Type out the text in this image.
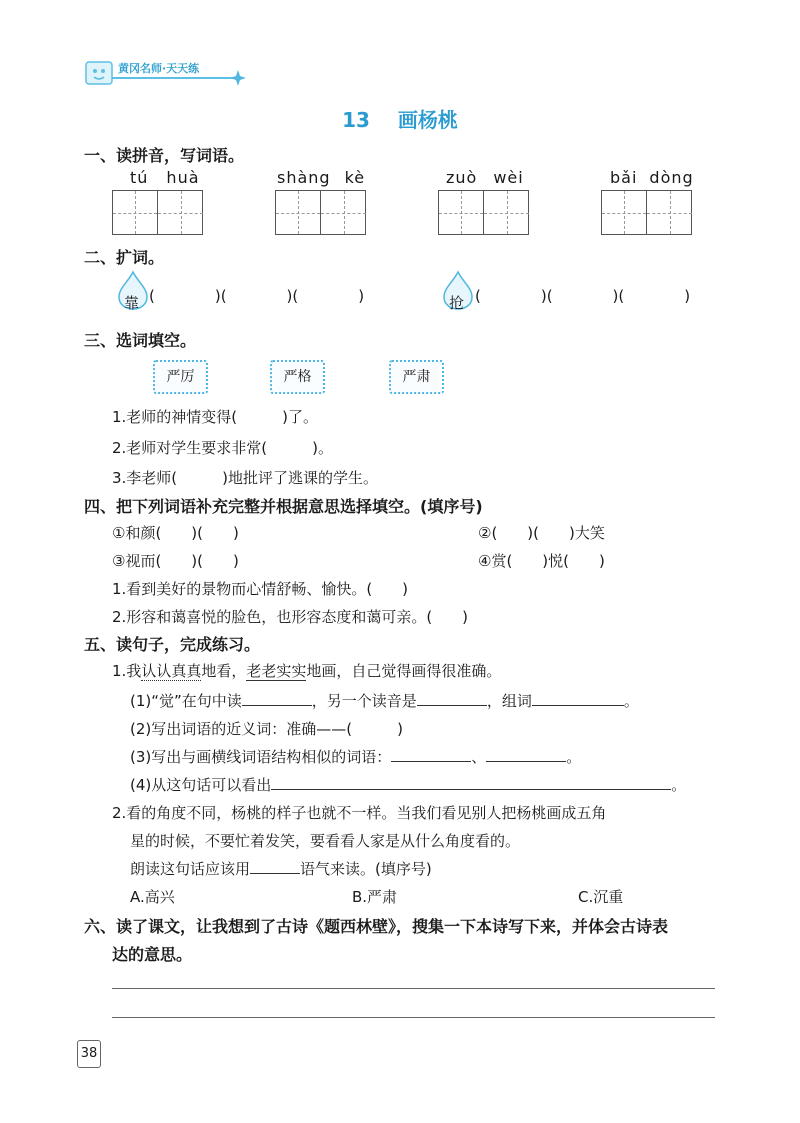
黄冈名师·天天练
13 画杨桃
一、读拼音，写词语。
tú huà	shàng kè	zuò wèi	bǎi dòng
二、扩词。
靠 (　　　　)(　　　　)(　　　　)	抢 (　　　　)(　　　　)(　　　　)
三、选词填空。
严厉	严格	严肃
1.老师的神情变得(　　　)了。
2.老师对学生要求非常(　　　)。
3.李老师(　　　)地批评了逃课的学生。
四、把下列词语补充完整并根据意思选择填空。(填序号)
①和颜(　　)(　　)	②(　　)(　　)大笑
③视而(　　)(　　)	④赏(　　)悦(　　)
1.看到美好的景物而心情舒畅、愉快。(　　)
2.形容和蔼喜悦的脸色，也形容态度和蔼可亲。(　　)
五、读句子，完成练习。
1.我认认真真地看，老老实实地画，自己觉得画得很准确。
(1)“觉”在句中读	，另一个读音是	，组词	。
(2)写出词语的近义词：准确——(　　　)
(3)写出与画横线词语结构相似的词语：	、	。
(4)从这句话可以看出	。
2.看的角度不同，杨桃的样子也就不一样。当我们看见别人把杨桃画成五角
星的时候，不要忙着发笑，要看看人家是从什么角度看的。
朗读这句话应该用	语气来读。(填序号)
A.高兴	B.严肃	C.沉重
六、读了课文，让我想到了古诗《题西林壁》，搜集一下本诗写下来，并体会古诗表
达的意思。
38
